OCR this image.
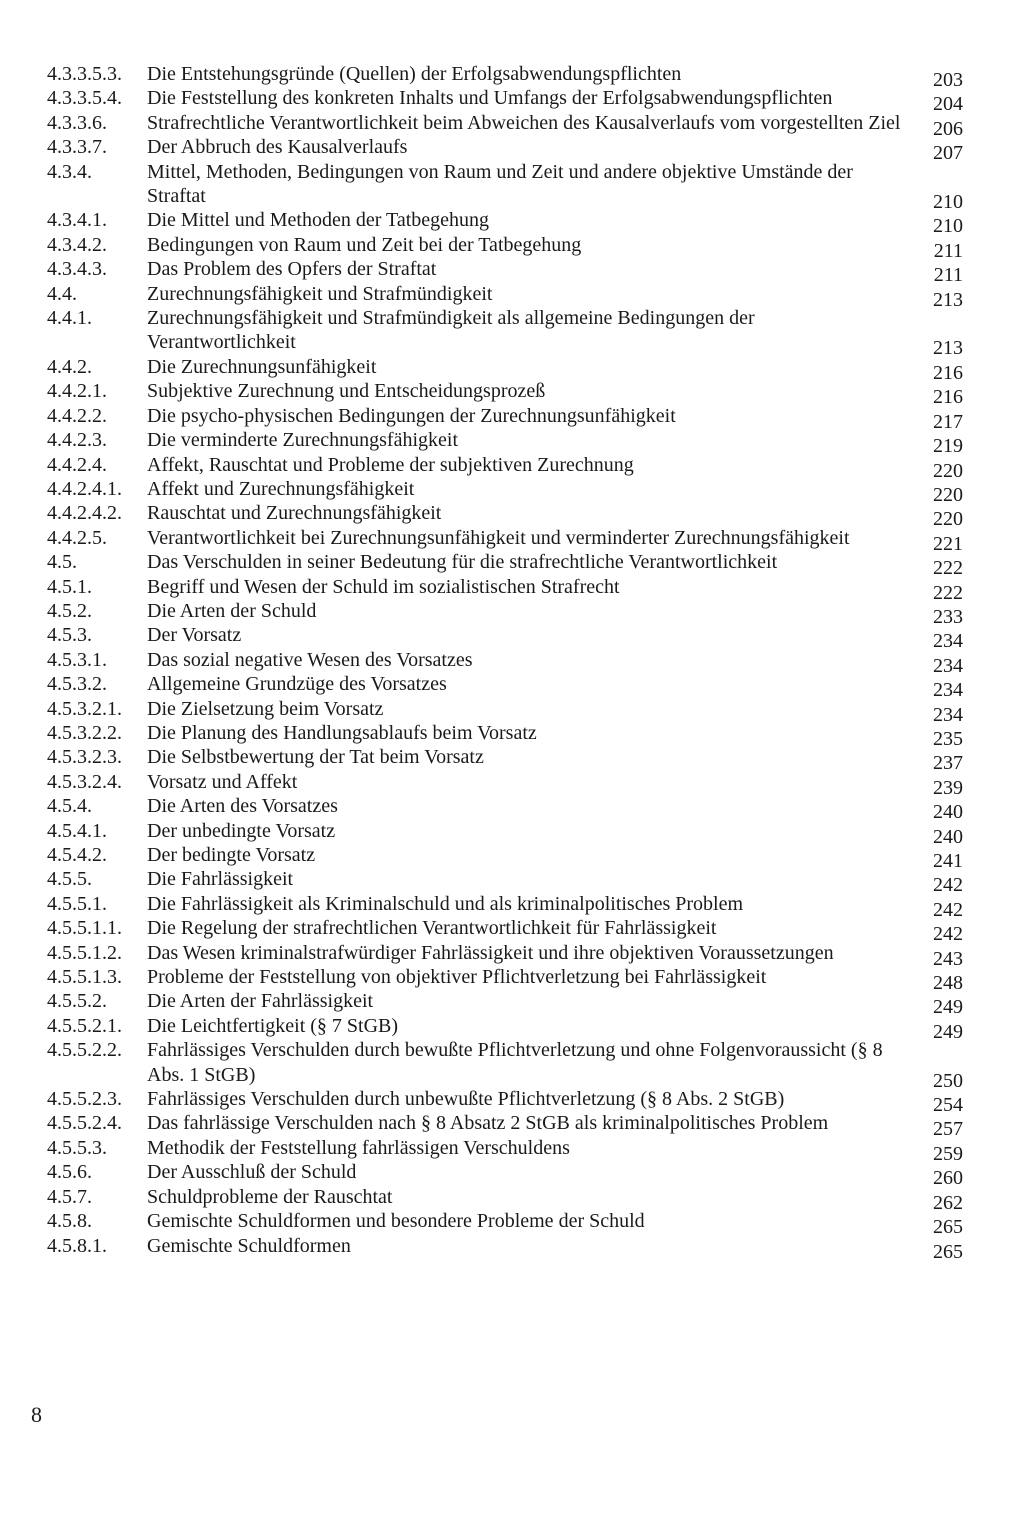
4.3.3.5.3.	Die Entstehungsgründe (Quellen) der Erfolgsabwendungspflichten	203
4.3.3.5.4.	Die Feststellung des konkreten Inhalts und Umfangs der Erfolgsabwendungspflichten	204
4.3.3.6.	Strafrechtliche Verantwortlichkeit beim Abweichen des Kausalverlaufs vom vorgestellten Ziel	206
4.3.3.7.	Der Abbruch des Kausalverlaufs	207
4.3.4.	Mittel, Methoden, Bedingungen von Raum und Zeit und andere objektive Umstände der Straftat	210
4.3.4.1.	Die Mittel und Methoden der Tatbegehung	210
4.3.4.2.	Bedingungen von Raum und Zeit bei der Tatbegehung	211
4.3.4.3.	Das Problem des Opfers der Straftat	211
4.4.	Zurechnungsfähigkeit und Strafmündigkeit	213
4.4.1.	Zurechnungsfähigkeit und Strafmündigkeit als allgemeine Bedingungen der Verantwortlichkeit	213
4.4.2.	Die Zurechnungsunfähigkeit	216
4.4.2.1.	Subjektive Zurechnung und Entscheidungsprozeß	216
4.4.2.2.	Die psycho-physischen Bedingungen der Zurechnungsunfähigkeit	217
4.4.2.3.	Die verminderte Zurechnungsfähigkeit	219
4.4.2.4.	Affekt, Rauschtat und Probleme der subjektiven Zurechnung	220
4.4.2.4.1.	Affekt und Zurechnungsfähigkeit	220
4.4.2.4.2.	Rauschtat und Zurechnungsfähigkeit	220
4.4.2.5.	Verantwortlichkeit bei Zurechnungsunfähigkeit und verminderter Zurechnungsfähigkeit	221
4.5.	Das Verschulden in seiner Bedeutung für die strafrechtliche Verantwortlichkeit	222
4.5.1.	Begriff und Wesen der Schuld im sozialistischen Strafrecht	222
4.5.2.	Die Arten der Schuld	233
4.5.3.	Der Vorsatz	234
4.5.3.1.	Das sozial negative Wesen des Vorsatzes	234
4.5.3.2.	Allgemeine Grundzüge des Vorsatzes	234
4.5.3.2.1.	Die Zielsetzung beim Vorsatz	234
4.5.3.2.2.	Die Planung des Handlungsablaufs beim Vorsatz	235
4.5.3.2.3.	Die Selbstbewertung der Tat beim Vorsatz	237
4.5.3.2.4.	Vorsatz und Affekt	239
4.5.4.	Die Arten des Vorsatzes	240
4.5.4.1.	Der unbedingte Vorsatz	240
4.5.4.2.	Der bedingte Vorsatz	241
4.5.5.	Die Fahrlässigkeit	242
4.5.5.1.	Die Fahrlässigkeit als Kriminalschuld und als kriminalpolitisches Problem	242
4.5.5.1.1.	Die Regelung der strafrechtlichen Verantwortlichkeit für Fahrlässigkeit	242
4.5.5.1.2.	Das Wesen kriminalstrafwürdiger Fahrlässigkeit und ihre objektiven Voraussetzungen	243
4.5.5.1.3.	Probleme der Feststellung von objektiver Pflichtverletzung bei Fahrlässigkeit	248
4.5.5.2.	Die Arten der Fahrlässigkeit	249
4.5.5.2.1.	Die Leichtfertigkeit (§ 7 StGB)	249
4.5.5.2.2.	Fahrlässiges Verschulden durch bewußte Pflichtverletzung und ohne Folgenvoraussicht (§ 8 Abs. 1 StGB)	250
4.5.5.2.3.	Fahrlässiges Verschulden durch unbewußte Pflichtverletzung (§ 8 Abs. 2 StGB)	254
4.5.5.2.4.	Das fahrlässige Verschulden nach § 8 Absatz 2 StGB als kriminalpolitisches Problem	257
4.5.5.3.	Methodik der Feststellung fahrlässigen Verschuldens	259
4.5.6.	Der Ausschluß der Schuld	260
4.5.7.	Schuldprobleme der Rauschtat	262
4.5.8.	Gemischte Schuldformen und besondere Probleme der Schuld	265
4.5.8.1.	Gemischte Schuldformen	265
8
